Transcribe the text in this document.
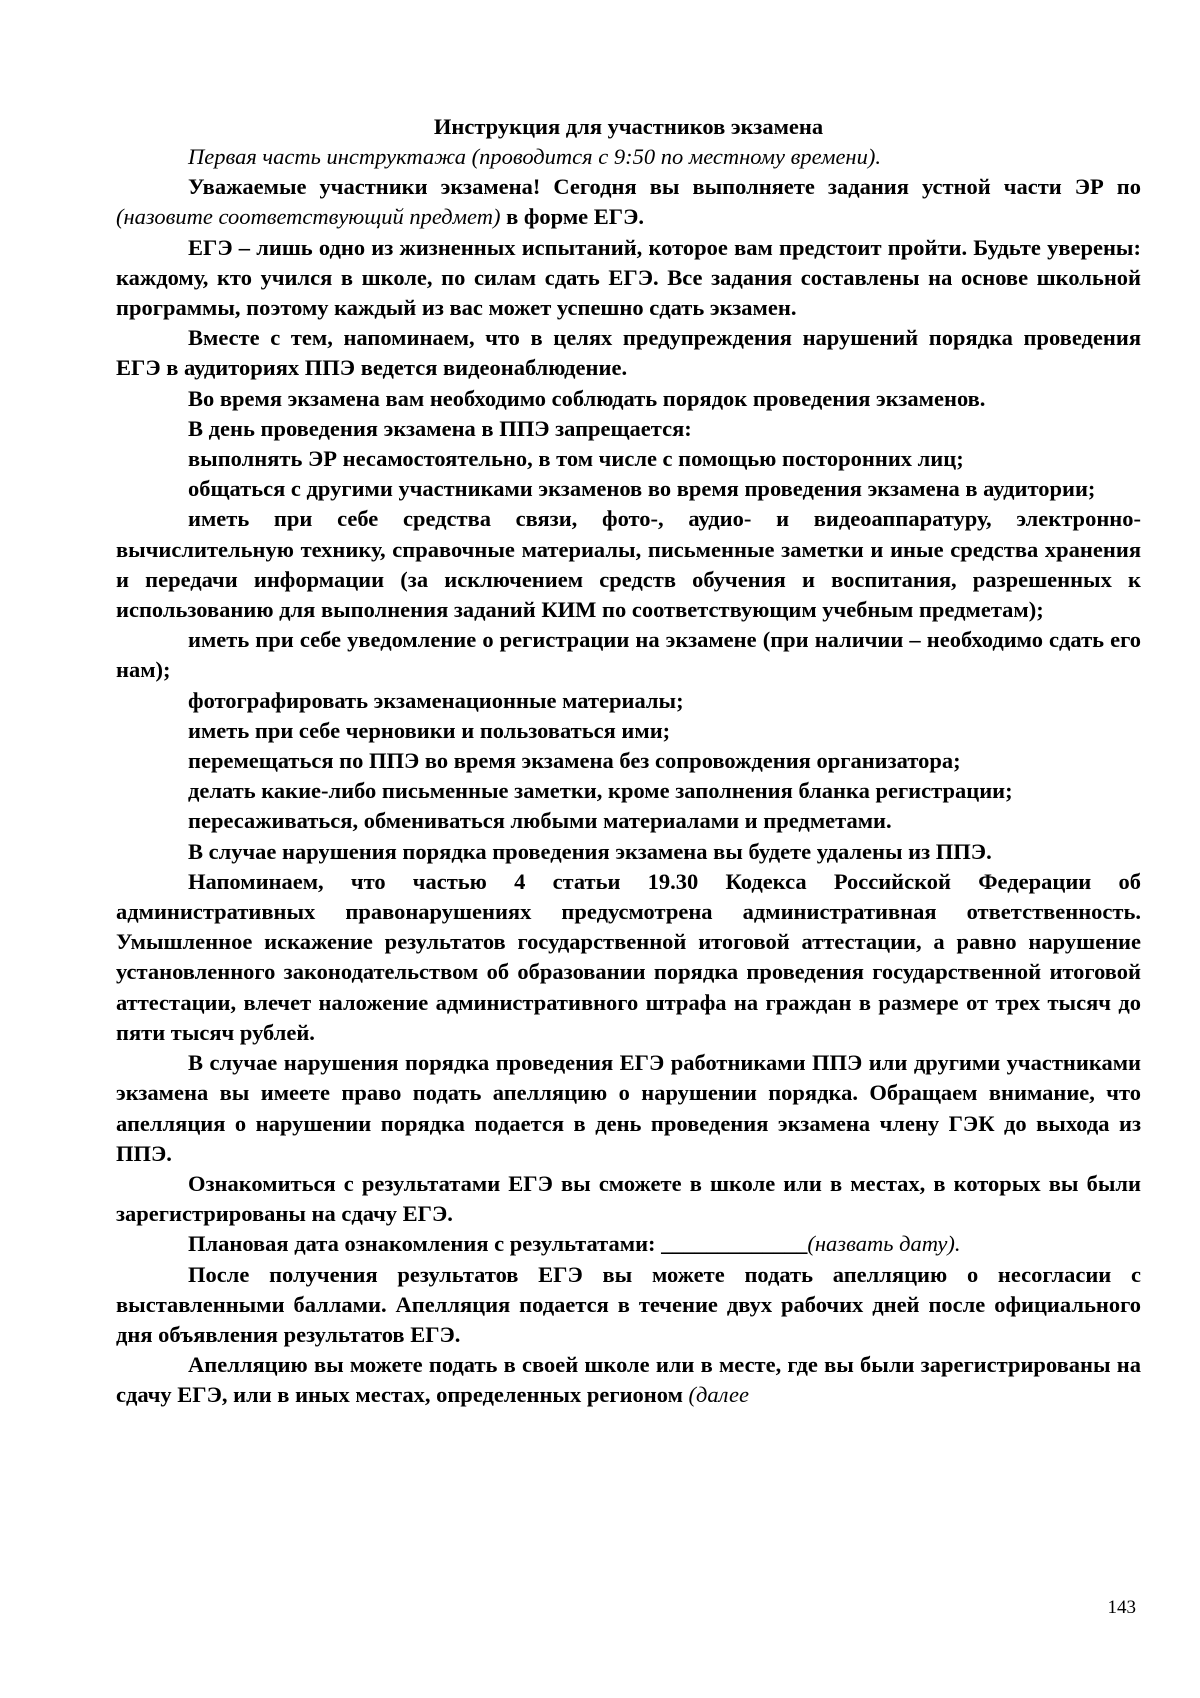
Инструкция для участников экзамена

Первая часть инструктажа (проводится с 9:50 по местному времени).

Уважаемые участники экзамена! Сегодня вы выполняете задания устной части ЭР по (назовите соответствующий предмет) в форме ЕГЭ.

ЕГЭ – лишь одно из жизненных испытаний, которое вам предстоит пройти. Будьте уверены: каждому, кто учился в школе, по силам сдать ЕГЭ. Все задания составлены на основе школьной программы, поэтому каждый из вас может успешно сдать экзамен.

Вместе с тем, напоминаем, что в целях предупреждения нарушений порядка проведения ЕГЭ в аудиториях ППЭ ведется видеонаблюдение.

Во время экзамена вам необходимо соблюдать порядок проведения экзаменов.

В день проведения экзамена в ППЭ запрещается:

выполнять ЭР несамостоятельно, в том числе с помощью посторонних лиц;

общаться с другими участниками экзаменов во время проведения экзамена в аудитории;

иметь при себе средства связи, фото-, аудио- и видеоаппаратуру, электронно-вычислительную технику, справочные материалы, письменные заметки и иные средства хранения и передачи информации (за исключением средств обучения и воспитания, разрешенных к использованию для выполнения заданий КИМ по соответствующим учебным предметам);

иметь при себе уведомление о регистрации на экзамене (при наличии – необходимо сдать его нам);

фотографировать экзаменационные материалы;

иметь при себе черновики и пользоваться ими;

перемещаться по ППЭ во время экзамена без сопровождения организатора;

делать какие-либо письменные заметки, кроме заполнения бланка регистрации;

пересаживаться, обмениваться любыми материалами и предметами.

В случае нарушения порядка проведения экзамена вы будете удалены из ППЭ.

Напоминаем, что частью 4 статьи 19.30 Кодекса Российской Федерации об административных правонарушениях предусмотрена административная ответственность. Умышленное искажение результатов государственной итоговой аттестации, а равно нарушение установленного законодательством об образовании порядка проведения государственной итоговой аттестации, влечет наложение административного штрафа на граждан в размере от трех тысяч до пяти тысяч рублей.

В случае нарушения порядка проведения ЕГЭ работниками ППЭ или другими участниками экзамена вы имеете право подать апелляцию о нарушении порядка. Обращаем внимание, что апелляция о нарушении порядка подается в день проведения экзамена члену ГЭК до выхода из ППЭ.

Ознакомиться с результатами ЕГЭ вы сможете в школе или в местах, в которых вы были зарегистрированы на сдачу ЕГЭ.

Плановая дата ознакомления с результатами: _____________(назвать дату).

После получения результатов ЕГЭ вы можете подать апелляцию о несогласии с выставленными баллами. Апелляция подается в течение двух рабочих дней после официального дня объявления результатов ЕГЭ.

Апелляцию вы можете подать в своей школе или в месте, где вы были зарегистрированы на сдачу ЕГЭ, или в иных местах, определенных регионом (далее

143
